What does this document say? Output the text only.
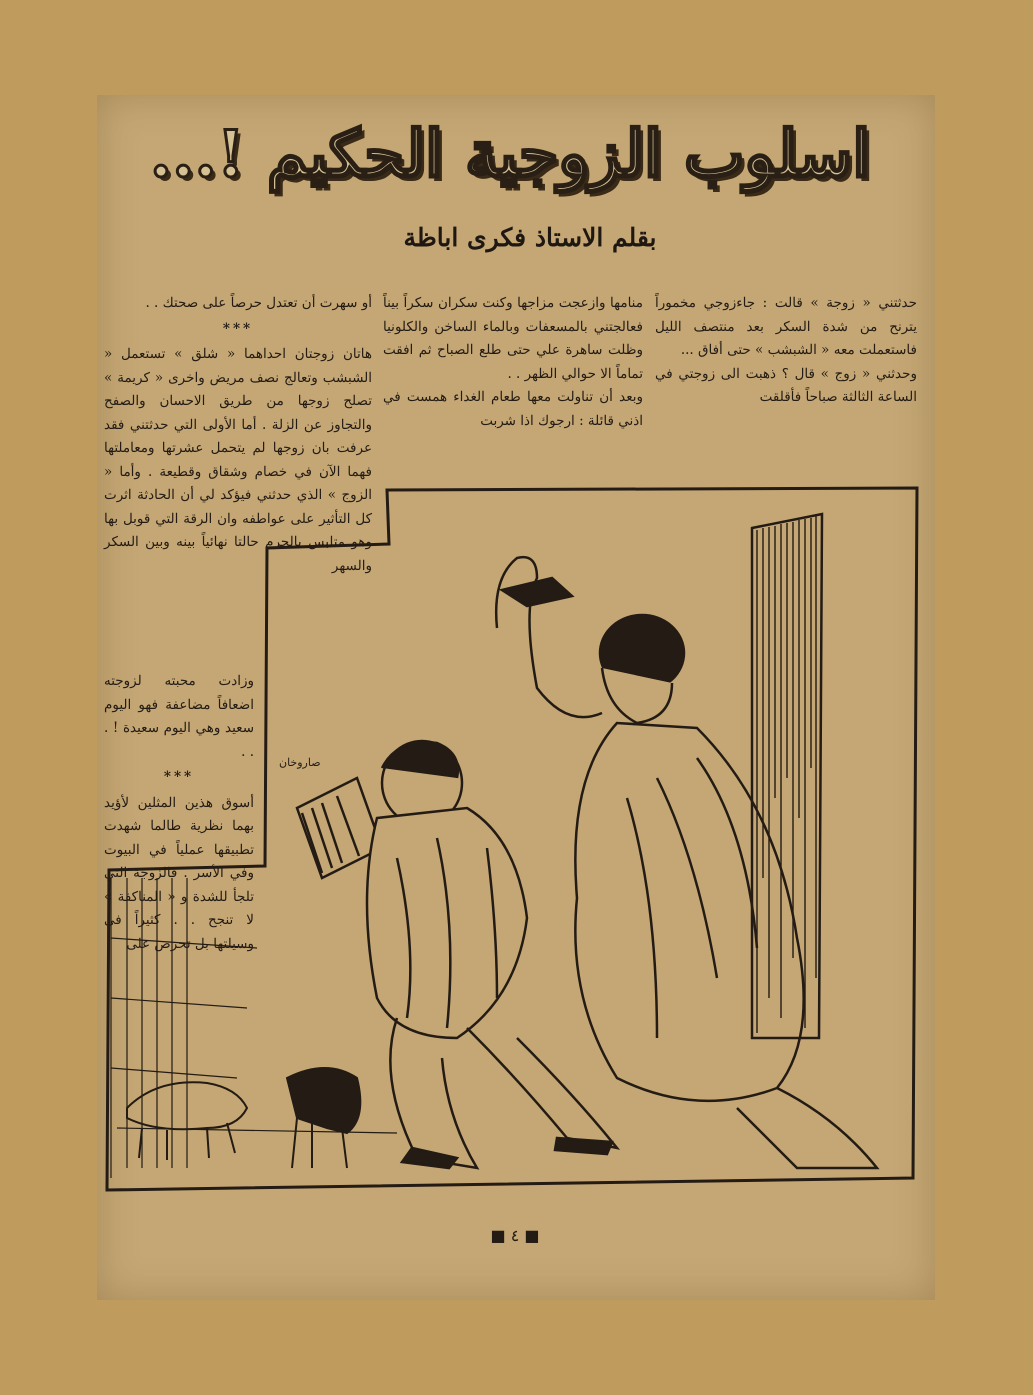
اسلوب الزوجية الحكيم !...
بقلم الاستاذ فكرى اباظة

حدثتني « زوجة » قالت : جاءزوجي مخموراً يترنح من شدة السكر بعد منتصف الليل فاستعملت معه « الشبشب » حتى أفاق ...

وحدثني « زوج » قال ؟ ذهبت الى زوجتي في الساعة الثالثة صباحاً فأقلقت

منامها وازعجت مزاجها وكنت سكران سكراً بيناً فعالجتني بالمسعفات وبالماء الساخن والكلونيا وظلت ساهرة علي حتى طلع الصباح ثم افقت تماماً الا حوالي الظهر . .

وبعد أن تناولت معها طعام الغداء همست في اذني قائلة : ارجوك اذا شربت

أو سهرت أن تعتدل حرصاً على صحتك . .

***

هاتان زوجتان احداهما « شلق » تستعمل « الشبشب وتعالج نصف مريض واخرى « كريمة » تصلح زوجها من طريق الاحسان والصفح والتجاوز عن الزلة . أما الأولى التي حدثتني فقد عرفت بان زوجها لم يتحمل عشرتها ومعاملتها فهما الآن في خصام وشقاق وقطيعة . وأما « الزوج » الذي حدثني فيؤكد لي أن الحادثة اثرت كل التأثير على عواطفه وان الرقة التي قوبل بها وهو متلبس بالجرم حالتا نهائياً بينه وبين السكر والسهر

وزادت محبته لزوجته اضعافاً مضاعفة فهو اليوم سعيد وهي اليوم سعيدة ! . . .

***

أسوق هذين المثلين لأؤيد بهما نظرية طالما شهدت تطبيقها عملياً في البيوت وفي الأسر . فالزوجة التي تلجأ للشدة و « المناكفة » لا تنجح . . كثيراً في وسيلتها بل تحرص على

صاروخان
■ ٤ ■
